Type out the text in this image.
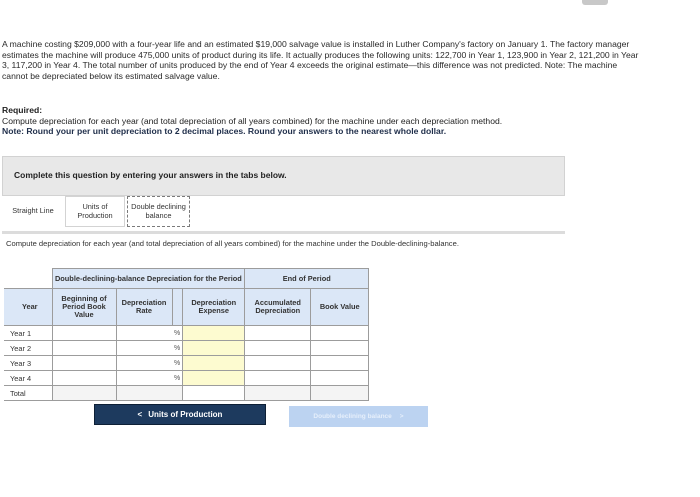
A machine costing $209,000 with a four-year life and an estimated $19,000 salvage value is installed in Luther Company's factory on January 1. The factory manager estimates the machine will produce 475,000 units of product during its life. It actually produces the following units: 122,700 in Year 1, 123,900 in Year 2, 121,200 in Year 3, 117,200 in Year 4. The total number of units produced by the end of Year 4 exceeds the original estimate—this difference was not predicted. Note: The machine cannot be depreciated below its estimated salvage value.
Required:
Compute depreciation for each year (and total depreciation of all years combined) for the machine under each depreciation method.
Note: Round your per unit depreciation to 2 decimal places. Round your answers to the nearest whole dollar.
Complete this question by entering your answers in the tabs below.
Straight Line	Units of Production
Double declining balance
Compute depreciation for each year (and total depreciation of all years combined) for the machine under the Double-declining-balance.
	Double-declining-balance Depreciation for the Period				End of Period	
Year	Beginning of Period Book Value	Depreciation Rate		Depreciation Expense	Accumulated Depreciation	Book Value
Year 1			%			
Year 2			%			
Year 3			%			
Year 4			%			
Total						
< Units of Production	Double declining balance >
